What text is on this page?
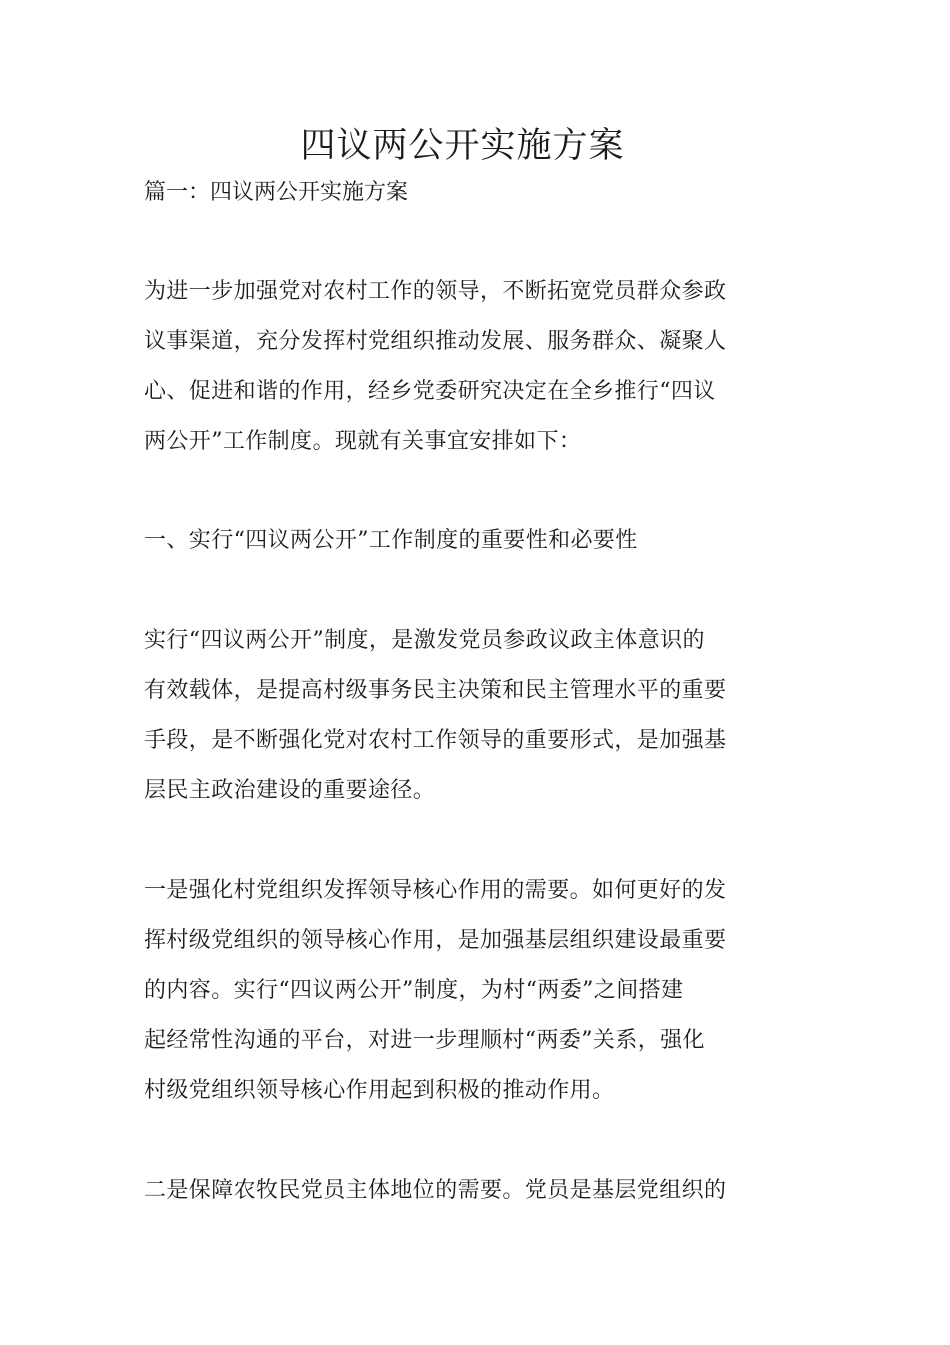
四议两公开实施方案
篇一：四议两公开实施方案
为进一步加强党对农村工作的领导，不断拓宽党员群众参政
议事渠道，充分发挥村党组织推动发展、服务群众、凝聚人
心、促进和谐的作用，经乡党委研究决定在全乡推行“四议
两公开”工作制度。现就有关事宜安排如下：
一、实行“四议两公开”工作制度的重要性和必要性
实行“四议两公开”制度，是激发党员参政议政主体意识的
有效载体，是提高村级事务民主决策和民主管理水平的重要
手段，是不断强化党对农村工作领导的重要形式，是加强基
层民主政治建设的重要途径。
一是强化村党组织发挥领导核心作用的需要。如何更好的发
挥村级党组织的领导核心作用，是加强基层组织建设最重要
的内容。实行“四议两公开”制度，为村“两委”之间搭建
起经常性沟通的平台，对进一步理顺村“两委”关系，强化
村级党组织领导核心作用起到积极的推动作用。
二是保障农牧民党员主体地位的需要。党员是基层党组织的
